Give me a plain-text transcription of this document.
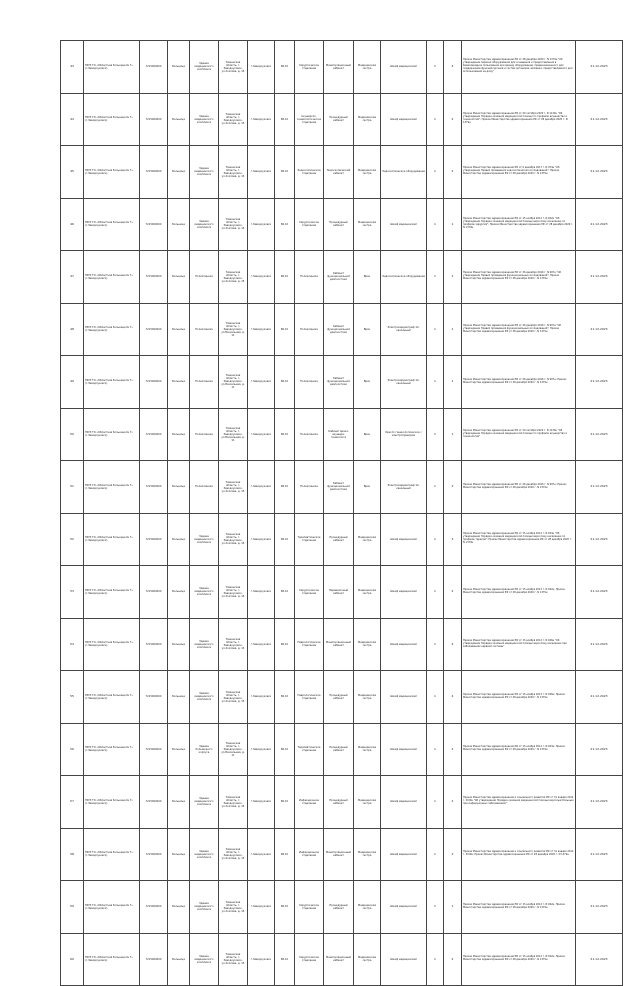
43	ГБУЗ ТО «Областная больница № 7» (г.Заводоуковск)	7215000000	Больница	Здание медицинского комплекса	Тюменская область, г. Заводоуковск, ул.Хохлова, д. 15	г.Заводоуковск	86.10	Хирургическое отделение	Манипуляционный кабинет	Медицинская сестра	Шкаф медицинский	1	4	Приказ Министерства здравоохранения РФ от 28 декабря 2020 г. N 1379н "Об утверждении перечня оборудования для оснащения и предоставления в безвозмездное пользование или аренду оборудования, предназначенного для поддержания функций органов и систем организма человека, предоставляемого для использования на дому"	21.12.2023
44	ГБУЗ ТО «Областная больница № 7» (г.Заводоуковск)	7215000000	Больница	Здание медицинского комплекса	Тюменская область, г. Заводоуковск, ул.Хохлова, д. 15	г.Заводоуковск	86.10	Акушерско-гинекологическое отделение	Процедурный кабинет	Медицинская сестра	Шкаф медицинский	1	2	Приказ Министерства здравоохранения РФ от 20 октября 2020 г. N 1130н "Об утверждении Порядка оказания медицинской помощи по профилю акушерство и гинекология"; Приказ Министерства здравоохранения РФ от 28 декабря 2020 г. N 1379н	21.12.2023
45	ГБУЗ ТО «Областная больница № 7» (г.Заводоуковск)	7215000000	Больница	Здание медицинского комплекса	Тюменская область, г. Заводоуковск, ул.Хохлова, д. 15	г.Заводоуковск	86.10	Эндоскопическое отделение	Эндоскопический кабинет	Медицинская сестра	Эндоскопическое оборудование	1	2	Приказ Министерства здравоохранения РФ от 6 декабря 2017 г. N 974н "Об утверждении Правил проведения эндоскопических исследований"; Приказ Министерства здравоохранения РФ от 28 декабря 2020 г. N 1379н	21.12.2023
46	ГБУЗ ТО «Областная больница № 7» (г.Заводоуковск)	7215000000	Больница	Здание медицинского комплекса	Тюменская область, г. Заводоуковск, ул.Хохлова, д. 15	г.Заводоуковск	86.10	Хирургическое отделение	Процедурный кабинет	Медицинская сестра	Шкаф медицинский	1	1	Приказ Министерства здравоохранения РФ от 15 ноября 2012 г. N 922н "Об утверждении Порядка оказания медицинской помощи взрослому населению по профилю хирургия"; Приказ Министерства здравоохранения РФ от 28 декабря 2020 г. N 1379н	21.12.2023
47	ГБУЗ ТО «Областная больница № 7» (г.Заводоуковск)	7215000000	Больница	Поликлиника	Тюменская область, г. Заводоуковск, ул.Хохлова, д. 15	г.Заводоуковск	86.10	Поликлиника	Кабинет функциональной диагностики	Врач	Эндоскопическое оборудование	1	1	Приказ Министерства здравоохранения РФ от 26 декабря 2016 г. N 997н "Об утверждении Правил проведения функциональных исследований"; Приказ Министерства здравоохранения РФ от 28 декабря 2020 г. N 1379н	21.12.2023
48	ГБУЗ ТО «Областная больница № 7» (г.Заводоуковск)	7215000000	Больница	Поликлиника	Тюменская область, г. Заводоуковск, ул.Вокзальная, д. 11	г.Заводоуковск	86.10	Поликлиника	Кабинет функциональной диагностики	Врач	Электрокардиограф 12-канальный	1	1	Приказ Министерства здравоохранения РФ от 26 декабря 2016 г. N 997н "Об утверждении Правил проведения функциональных исследований"; Приказ Министерства здравоохранения РФ от 28 декабря 2020 г. N 1379н	21.12.2023
49	ГБУЗ ТО «Областная больница № 7» (г.Заводоуковск)	7215000000	Больница	Поликлиника	Тюменская область, г. Заводоуковск, ул.Вокзальная, д. 11	г.Заводоуковск	86.10	Поликлиника	Кабинет функциональной диагностики	Врач	Электрокардиограф 12-канальный	1	1	Приказ Министерства здравоохранения РФ от 26 декабря 2016 г. N 997н; Приказ Министерства здравоохранения РФ от 28 декабря 2020 г. N 1379н	21.12.2023
50	ГБУЗ ТО «Областная больница № 7» (г.Заводоуковск)	7215000000	Больница	Поликлиника	Тюменская область, г. Заводоуковск, ул.Вокзальная, д. 11	г.Заводоуковск	86.10	Поликлиника	Кабинет врача-акушера-гинеколога	Врач	Кресло гинекологическое с электроприводом	1	1	Приказ Министерства здравоохранения РФ от 20 октября 2020 г. N 1130н "Об утверждении Порядка оказания медицинской помощи по профилю акушерство и гинекология"	21.12.2023
51	ГБУЗ ТО «Областная больница № 7» (г.Заводоуковск)	7215000000	Больница	Поликлиника	Тюменская область, г. Заводоуковск, ул.Хохлова, д. 15	г.Заводоуковск	86.10	Поликлиника	Кабинет функциональной диагностики	Врач	Электрокардиограф 12-канальный	1	2	Приказ Министерства здравоохранения РФ от 26 декабря 2016 г. N 997н; Приказ Министерства здравоохранения РФ от 28 декабря 2020 г. N 1379н	21.12.2023
52	ГБУЗ ТО «Областная больница № 7» (г.Заводоуковск)	7215000000	Больница	Здание медицинского комплекса	Тюменская область, г. Заводоуковск, ул.Хохлова, д. 15	г.Заводоуковск	86.10	Терапевтическое отделение	Процедурный кабинет	Медицинская сестра	Шкаф медицинский	1	3	Приказ Министерства здравоохранения РФ от 15 ноября 2012 г. N 923н "Об утверждении Порядка оказания медицинской помощи взрослому населению по профилю терапия"; Приказ Министерства здравоохранения РФ от 28 декабря 2020 г. N 1379н	21.12.2023
53	ГБУЗ ТО «Областная больница № 7» (г.Заводоуковск)	7215000000	Больница	Здание медицинского комплекса	Тюменская область, г. Заводоуковск, ул.Хохлова, д. 15	г.Заводоуковск	86.10	Хирургическое отделение	Перевязочный кабинет	Медицинская сестра	Шкаф медицинский	1	2	Приказ Министерства здравоохранения РФ от 15 ноября 2012 г. N 922н; Приказ Министерства здравоохранения РФ от 28 декабря 2020 г. N 1379н	21.12.2023
54	ГБУЗ ТО «Областная больница № 7» (г.Заводоуковск)	7215000000	Больница	Здание медицинского комплекса	Тюменская область, г. Заводоуковск, ул.Хохлова, д. 15	г.Заводоуковск	86.10	Неврологическое отделение	Манипуляционный кабинет	Медицинская сестра	Шкаф медицинский	1	4	Приказ Министерства здравоохранения РФ от 15 ноября 2012 г. N 926н "Об утверждении Порядка оказания медицинской помощи взрослому населению при заболеваниях нервной системы"	21.12.2023
55	ГБУЗ ТО «Областная больница № 7» (г.Заводоуковск)	7215000000	Больница	Здание медицинского комплекса	Тюменская область, г. Заводоуковск, ул.Хохлова, д. 15	г.Заводоуковск	86.10	Неврологическое отделение	Процедурный кабинет	Медицинская сестра	Шкаф медицинский	1	4	Приказ Министерства здравоохранения РФ от 15 ноября 2012 г. N 926н; Приказ Министерства здравоохранения РФ от 28 декабря 2020 г. N 1379н	21.12.2023
56	ГБУЗ ТО «Областная больница № 7» (г.Заводоуковск)	7215000000	Больница	Здание больничного корпуса	Тюменская область, г. Заводоуковск, ул.Вокзальная, д. 11	г.Заводоуковск	86.10	Терапевтическое отделение	Процедурный кабинет	Медицинская сестра	Шкаф медицинский	1	2	Приказ Министерства здравоохранения РФ от 15 ноября 2012 г. N 923н; Приказ Министерства здравоохранения РФ от 28 декабря 2020 г. N 1379н	21.12.2023
57	ГБУЗ ТО «Областная больница № 7» (г.Заводоуковск)	7215000000	Больница	Здание медицинского комплекса	Тюменская область, г. Заводоуковск, ул.Хохлова, д. 15	г.Заводоуковск	86.10	Инфекционное отделение	Процедурный кабинет	Медицинская сестра	Шкаф медицинский	1	2	Приказ Министерства здравоохранения и социального развития РФ от 31 января 2012 г. N 69н "Об утверждении Порядка оказания медицинской помощи взрослым больным при инфекционных заболеваниях"	21.12.2023
58	ГБУЗ ТО «Областная больница № 7» (г.Заводоуковск)	7215000000	Больница	Здание медицинского комплекса	Тюменская область, г. Заводоуковск, ул.Хохлова, д. 15	г.Заводоуковск	86.10	Инфекционное отделение	Манипуляционный кабинет	Медицинская сестра	Шкаф медицинский	1	2	Приказ Министерства здравоохранения и социального развития РФ от 31 января 2012 г. N 69н; Приказ Министерства здравоохранения РФ от 28 декабря 2020 г. N 1379н	21.12.2023
59	ГБУЗ ТО «Областная больница № 7» (г.Заводоуковск)	7215000000	Больница	Здание медицинского комплекса	Тюменская область, г. Заводоуковск, ул.Хохлова, д. 15	г.Заводоуковск	86.10	Хирургическое отделение	Процедурный кабинет	Медицинская сестра	Шкаф медицинский	1	1	Приказ Министерства здравоохранения РФ от 15 ноября 2012 г. N 922н; Приказ Министерства здравоохранения РФ от 28 декабря 2020 г. N 1379н	21.12.2023
60	ГБУЗ ТО «Областная больница № 7» (г.Заводоуковск)	7215000000	Больница	Здание медицинского комплекса	Тюменская область, г. Заводоуковск, ул.Хохлова, д. 15	г.Заводоуковск	86.10	Хирургическое отделение	Манипуляционный кабинет	Медицинская сестра	Шкаф медицинский	1	2	Приказ Министерства здравоохранения РФ от 15 ноября 2012 г. N 922н; Приказ Министерства здравоохранения РФ от 28 декабря 2020 г. N 1379н	21.12.2023
